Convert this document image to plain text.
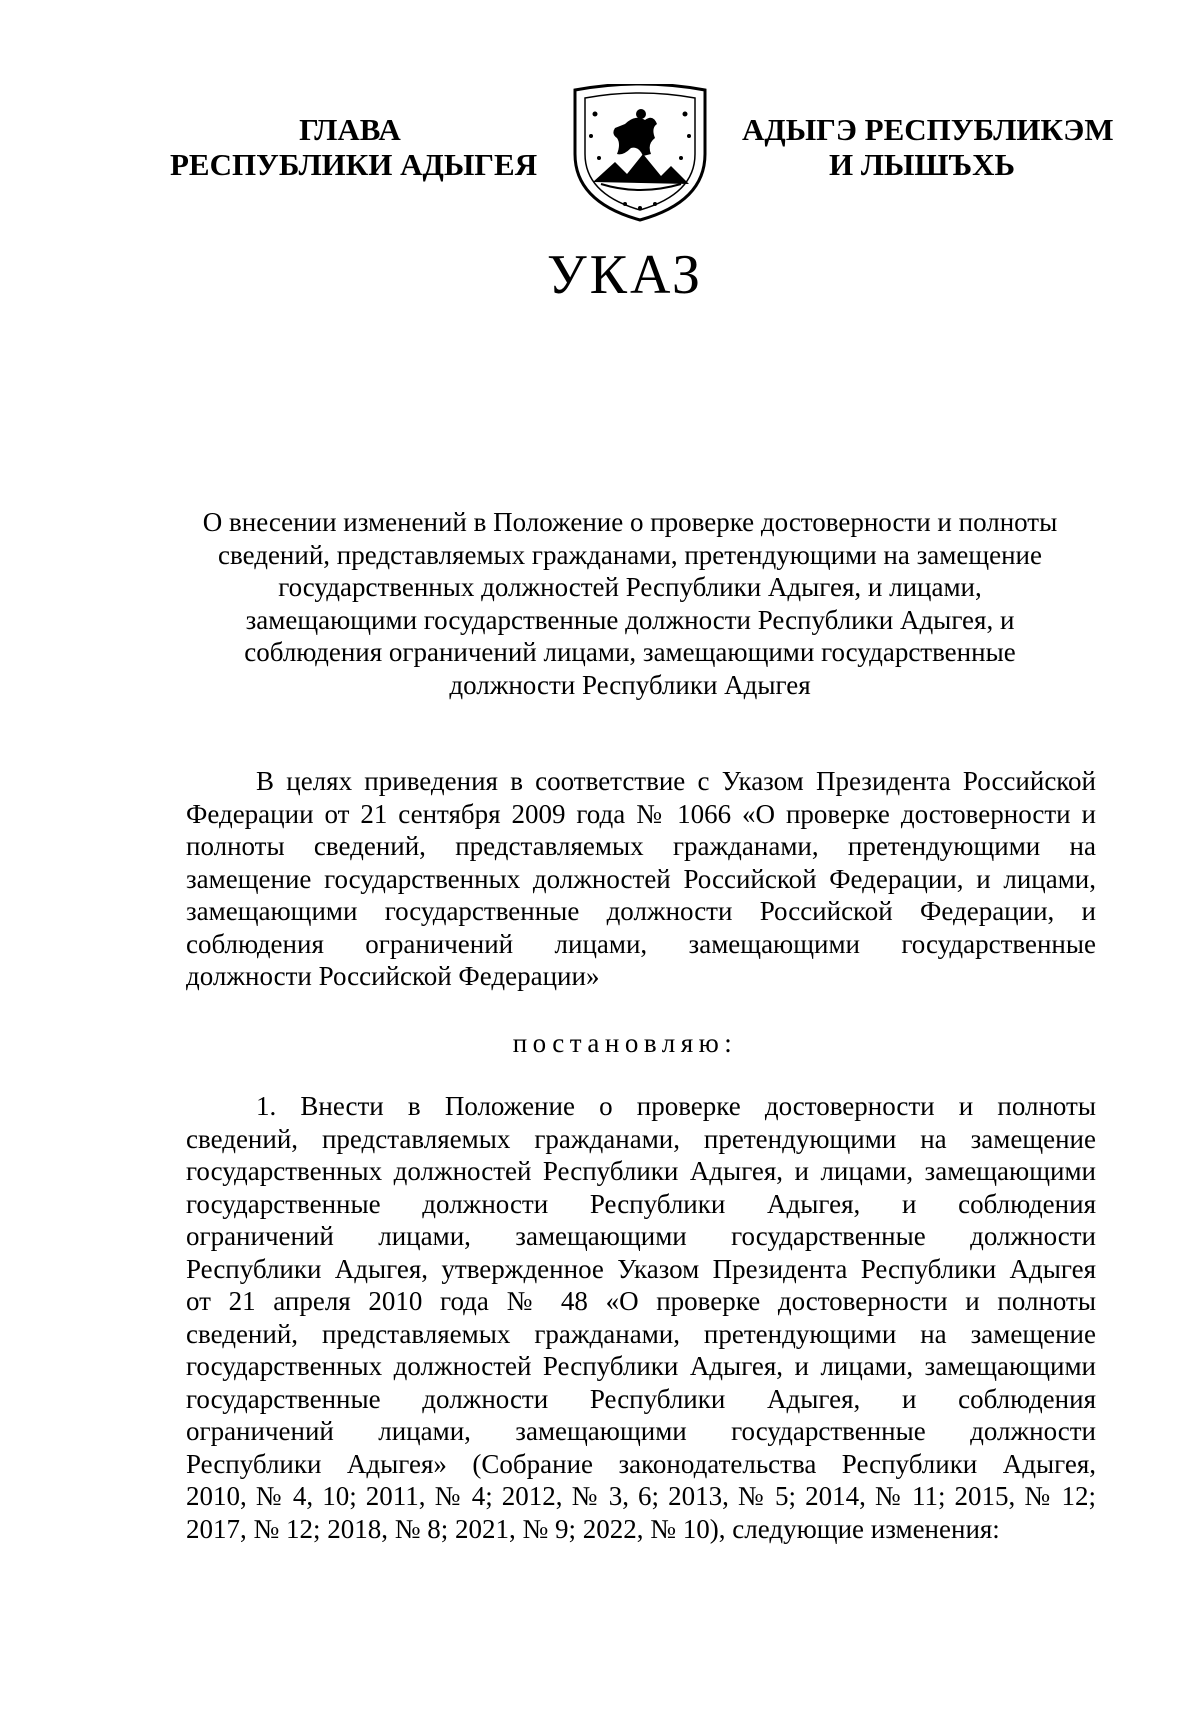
ГЛАВА
РЕСПУБЛИКИ АДЫГЕЯ
АДЫГЭ РЕСПУБЛИКЭМ
И ЛЫШЪХЬ
УКАЗ
О внесении изменений в Положение о проверке достоверности и полноты
сведений, представляемых гражданами, претендующими на замещение
государственных должностей Республики Адыгея, и лицами,
замещающими государственные должности Республики Адыгея, и
соблюдения ограничений лицами, замещающими государственные
должности Республики Адыгея
В целях приведения в соответствие с Указом Президента Российской
Федерации от 21 сентября 2009 года № 1066 «О проверке достоверности и
полноты сведений, представляемых гражданами, претендующими на
замещение государственных должностей Российской Федерации, и лицами,
замещающими государственные должности Российской Федерации, и
соблюдения ограничений лицами, замещающими государственные
должности Российской Федерации»
постановляю:
1. Внести в Положение о проверке достоверности и полноты
сведений, представляемых гражданами, претендующими на замещение
государственных должностей Республики Адыгея, и лицами, замещающими
государственные должности Республики Адыгея, и соблюдения
ограничений лицами, замещающими государственные должности
Республики Адыгея, утвержденное Указом Президента Республики Адыгея
от 21 апреля 2010 года № 48 «О проверке достоверности и полноты
сведений, представляемых гражданами, претендующими на замещение
государственных должностей Республики Адыгея, и лицами, замещающими
государственные должности Республики Адыгея, и соблюдения
ограничений лицами, замещающими государственные должности
Республики Адыгея» (Собрание законодательства Республики Адыгея,
2010, № 4, 10; 2011, № 4; 2012, № 3, 6; 2013, № 5; 2014, № 11; 2015, № 12;
2017, № 12; 2018, № 8; 2021, № 9; 2022, № 10), следующие изменения:
